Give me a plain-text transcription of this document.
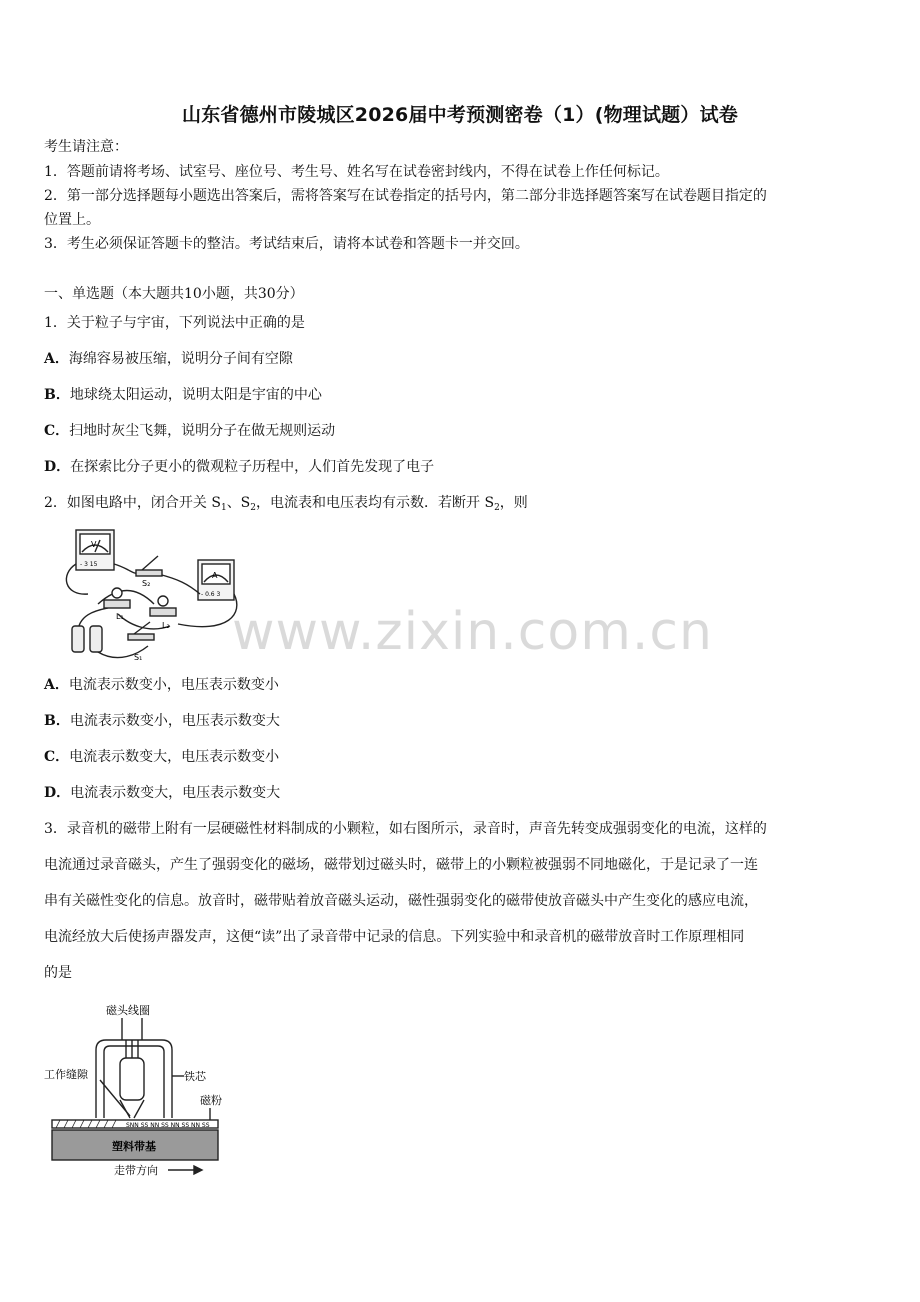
山东省德州市陵城区2026届中考预测密卷（1）(物理试题）试卷
考生请注意：
1．答题前请将考场、试室号、座位号、考生号、姓名写在试卷密封线内，不得在试卷上作任何标记。
2．第一部分选择题每小题选出答案后，需将答案写在试卷指定的括号内，第二部分非选择题答案写在试卷题目指定的
位置上。
3．考生必须保证答题卡的整洁。考试结束后，请将本试卷和答题卡一并交回。
一、单选题（本大题共10小题，共30分）
1．关于粒子与宇宙，下列说法中正确的是
A．海绵容易被压缩，说明分子间有空隙
B．地球绕太阳运动，说明太阳是宇宙的中心
C．扫地时灰尘飞舞，说明分子在做无规则运动
D．在探索比分子更小的微观粒子历程中，人们首先发现了电子
2．如图电路中，闭合开关 $S_1$、$S_2$，电流表和电压表均有示数．若断开 $S_2$，则
V
- 3 15
A
- 0.6 3
S₂
L₁
L₂
S₁ www.zixin.com.cn
A．电流表示数变小，电压表示数变小
B．电流表示数变小，电压表示数变大
C．电流表示数变大，电压表示数变小
D．电流表示数变大，电压表示数变大
3．录音机的磁带上附有一层硬磁性材料制成的小颗粒，如右图所示，录音时，声音先转变成强弱变化的电流，这样的
电流通过录音磁头，产生了强弱变化的磁场，磁带划过磁头时，磁带上的小颗粒被强弱不同地磁化，于是记录了一连
串有关磁性变化的信息。放音时，磁带贴着放音磁头运动，磁性强弱变化的磁带使放音磁头中产生变化的感应电流，
电流经放大后使扬声器发声，这便“读”出了录音带中记录的信息。下列实验中和录音机的磁带放音时工作原理相同
的是
磁头线圈
工作缝隙	铁芯
磁粉
SNN SS NN SS NN SS NN SS
塑料带基
走带方向
